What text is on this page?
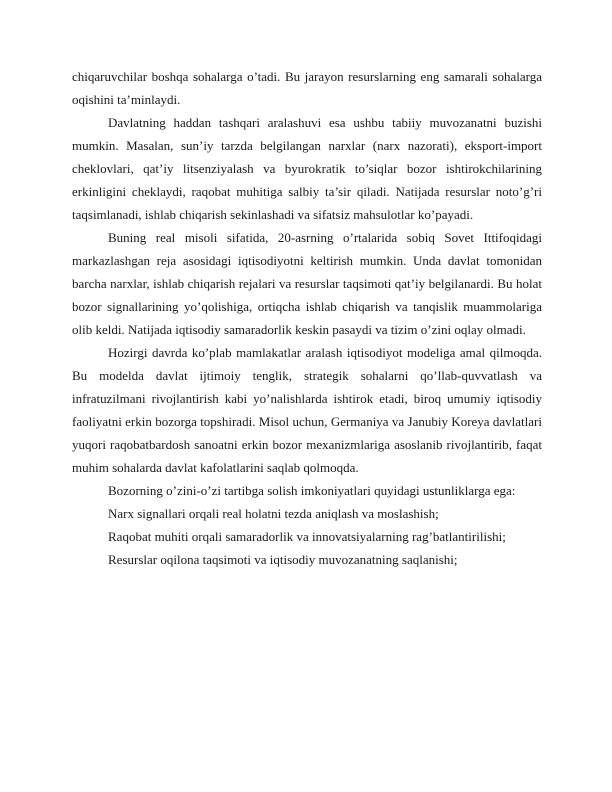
chiqaruvchilar boshqa sohalarga o’tadi. Bu jarayon resurslarning eng samarali sohalarga oqishini ta’minlaydi.

Davlatning haddan tashqari aralashuvi esa ushbu tabiiy muvozanatni buzishi mumkin. Masalan, sun’iy tarzda belgilangan narxlar (narx nazorati), eksport-import cheklovlari, qat’iy litsenziyalash va byurokratik to’siqlar bozor ishtirokchilarining erkinligini cheklaydi, raqobat muhitiga salbiy ta’sir qiladi. Natijada resurslar noto’g’ri taqsimlanadi, ishlab chiqarish sekinlashadi va sifatsiz mahsulotlar ko’payadi.

Buning real misoli sifatida, 20-asrning o’rtalarida sobiq Sovet Ittifoqidagi markazlashgan reja asosidagi iqtisodiyotni keltirish mumkin. Unda davlat tomonidan barcha narxlar, ishlab chiqarish rejalari va resurslar taqsimoti qat’iy belgilanardi. Bu holat bozor signallarining yo’qolishiga, ortiqcha ishlab chiqarish va tanqislik muammolariga olib keldi. Natijada iqtisodiy samaradorlik keskin pasaydi va tizim o’zini oqlay olmadi.

Hozirgi davrda ko’plab mamlakatlar aralash iqtisodiyot modeliga amal qilmoqda. Bu modelda davlat ijtimoiy tenglik, strategik sohalarni qo’llab-quvvatlash va infratuzilmani rivojlantirish kabi yo’nalishlarda ishtirok etadi, biroq umumiy iqtisodiy faoliyatni erkin bozorga topshiradi. Misol uchun, Germaniya va Janubiy Koreya davlatlari yuqori raqobatbardosh sanoatni erkin bozor mexanizmlariga asoslanib rivojlantirib, faqat muhim sohalarda davlat kafolatlarini saqlab qolmoqda.

Bozorning o’zini-o’zi tartibga solish imkoniyatlari quyidagi ustunliklarga ega:

Narx signallari orqali real holatni tezda aniqlash va moslashish;

Raqobat muhiti orqali samaradorlik va innovatsiyalarning rag’batlantirilishi;

Resurslar oqilona taqsimoti va iqtisodiy muvozanatning saqlanishi;
